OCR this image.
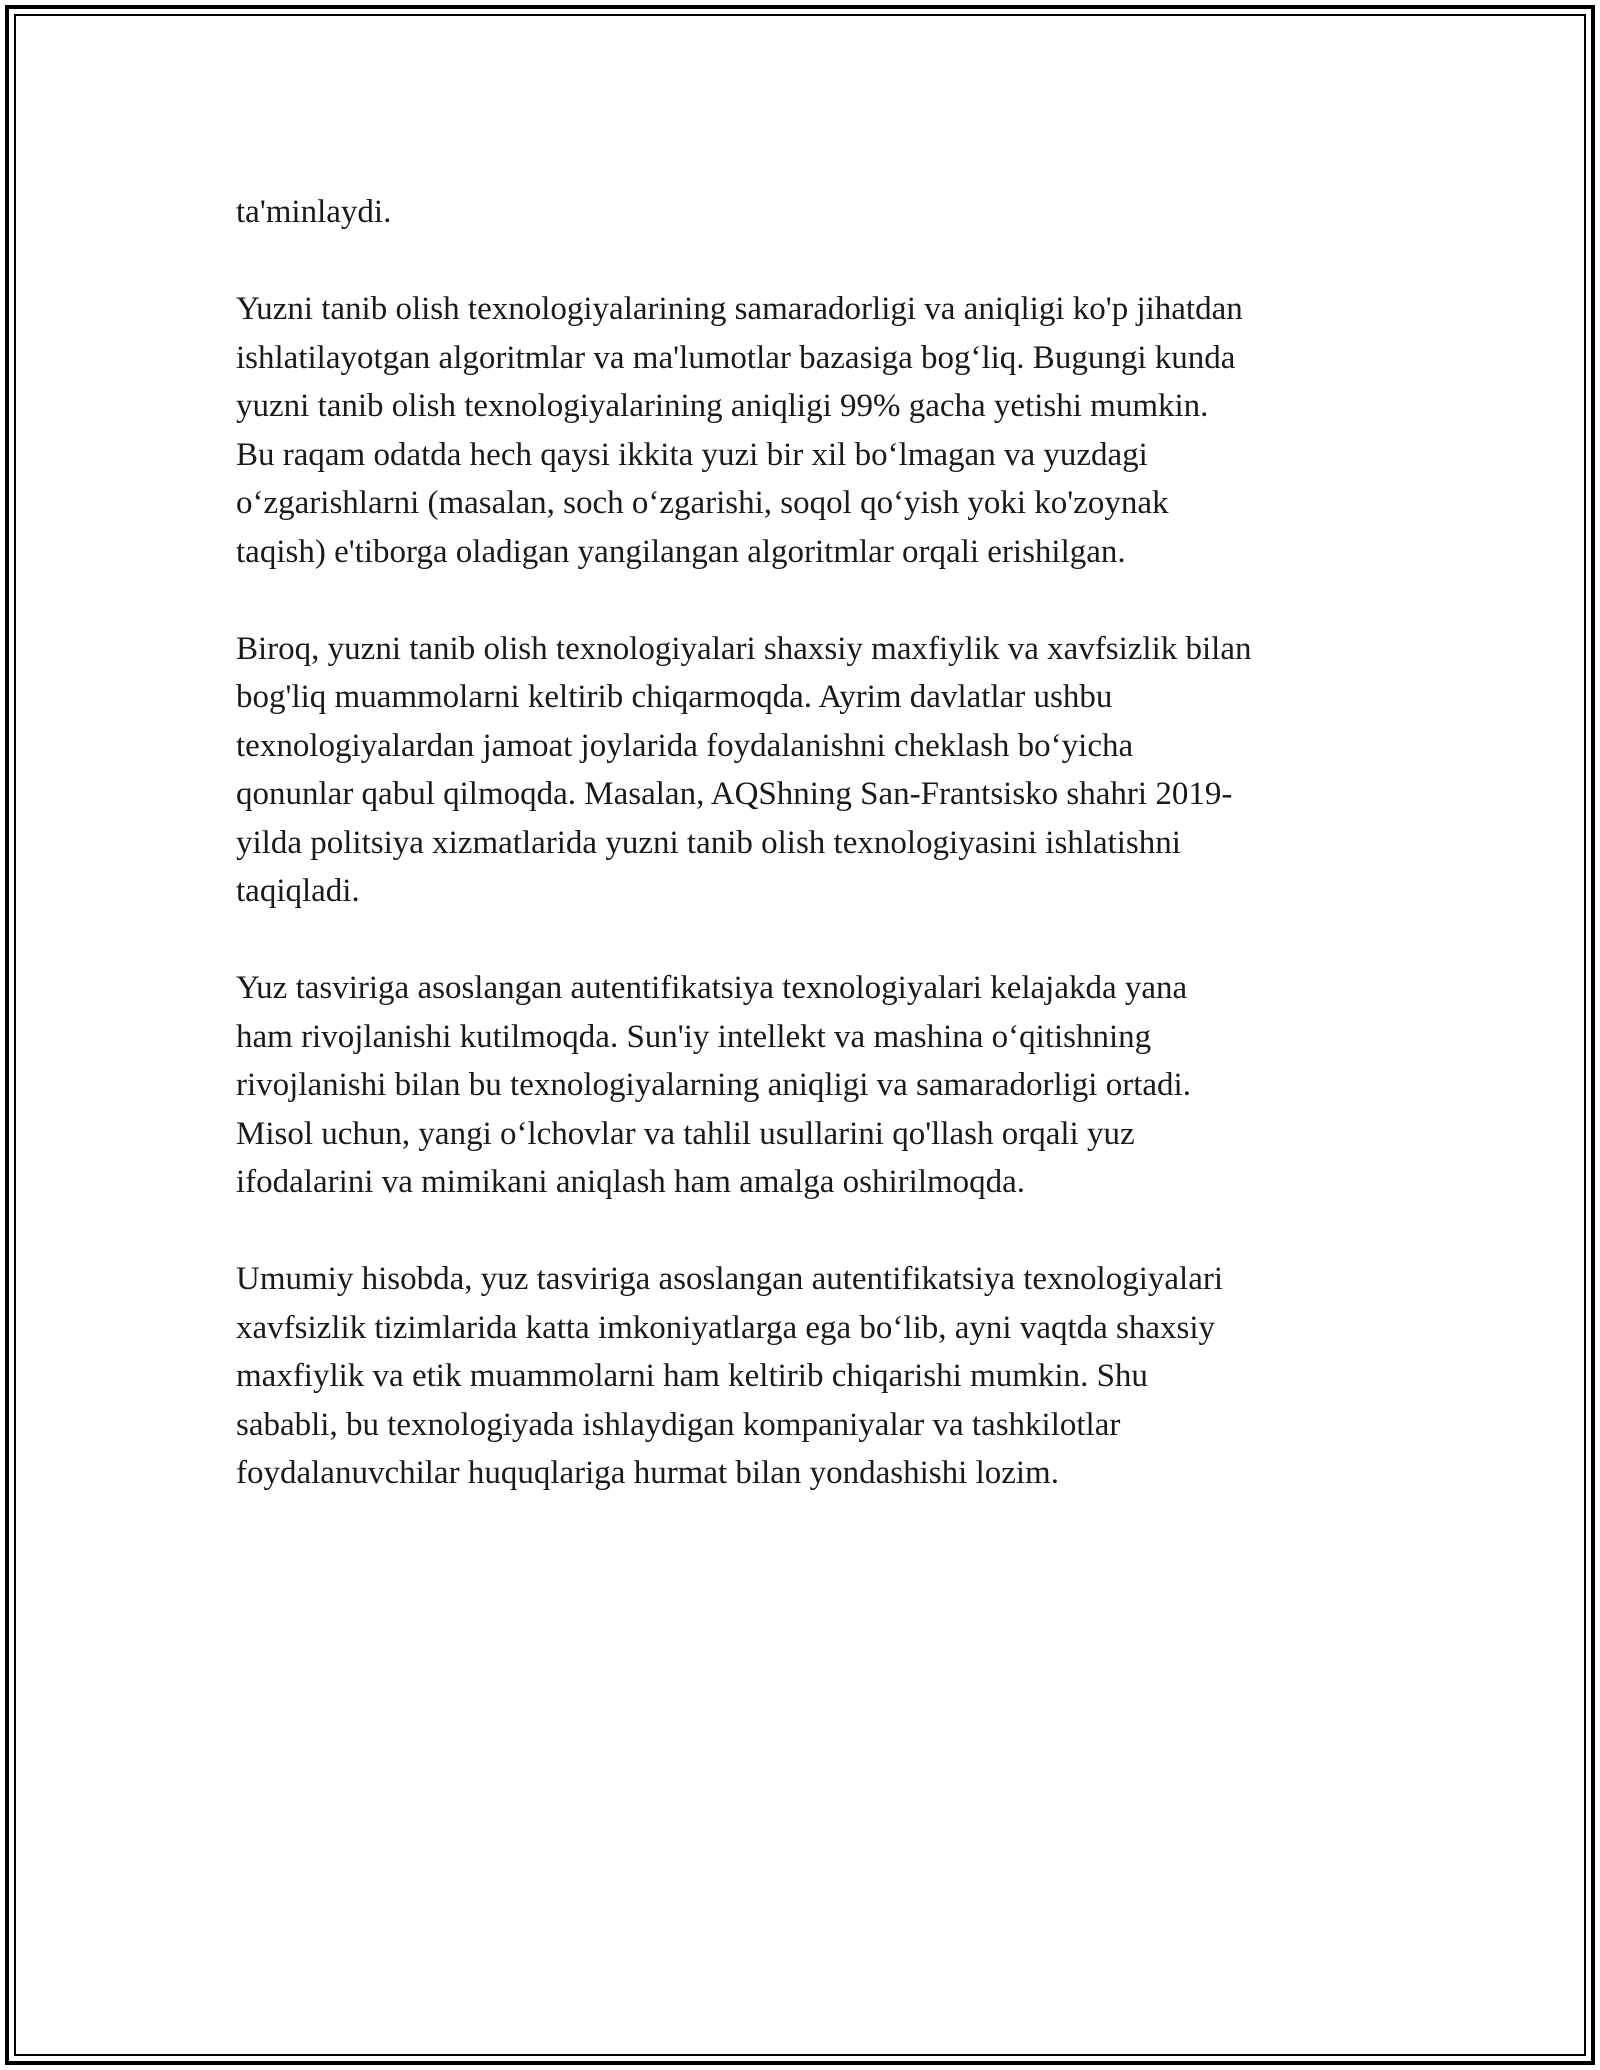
ta'minlaydi.
Yuzni tanib olish texnologiyalarining samaradorligi va aniqligi ko'p jihatdan
ishlatilayotgan algoritmlar va ma'lumotlar bazasiga bog‘liq. Bugungi kunda
yuzni tanib olish texnologiyalarining aniqligi 99% gacha yetishi mumkin.
Bu raqam odatda hech qaysi ikkita yuzi bir xil bo‘lmagan va yuzdagi
o‘zgarishlarni (masalan, soch o‘zgarishi, soqol qo‘yish yoki ko'zoynak
taqish) e'tiborga oladigan yangilangan algoritmlar orqali erishilgan.
Biroq, yuzni tanib olish texnologiyalari shaxsiy maxfiylik va xavfsizlik bilan
bog'liq muammolarni keltirib chiqarmoqda. Ayrim davlatlar ushbu
texnologiyalardan jamoat joylarida foydalanishni cheklash bo‘yicha
qonunlar qabul qilmoqda. Masalan, AQShning San-Frantsisko shahri 2019-
yilda politsiya xizmatlarida yuzni tanib olish texnologiyasini ishlatishni
taqiqladi.
Yuz tasviriga asoslangan autentifikatsiya texnologiyalari kelajakda yana
ham rivojlanishi kutilmoqda. Sun'iy intellekt va mashina o‘qitishning
rivojlanishi bilan bu texnologiyalarning aniqligi va samaradorligi ortadi.
Misol uchun, yangi o‘lchovlar va tahlil usullarini qo'llash orqali yuz
ifodalarini va mimikani aniqlash ham amalga oshirilmoqda.
Umumiy hisobda, yuz tasviriga asoslangan autentifikatsiya texnologiyalari
xavfsizlik tizimlarida katta imkoniyatlarga ega bo‘lib, ayni vaqtda shaxsiy
maxfiylik va etik muammolarni ham keltirib chiqarishi mumkin. Shu
sababli, bu texnologiyada ishlaydigan kompaniyalar va tashkilotlar
foydalanuvchilar huquqlariga hurmat bilan yondashishi lozim.
